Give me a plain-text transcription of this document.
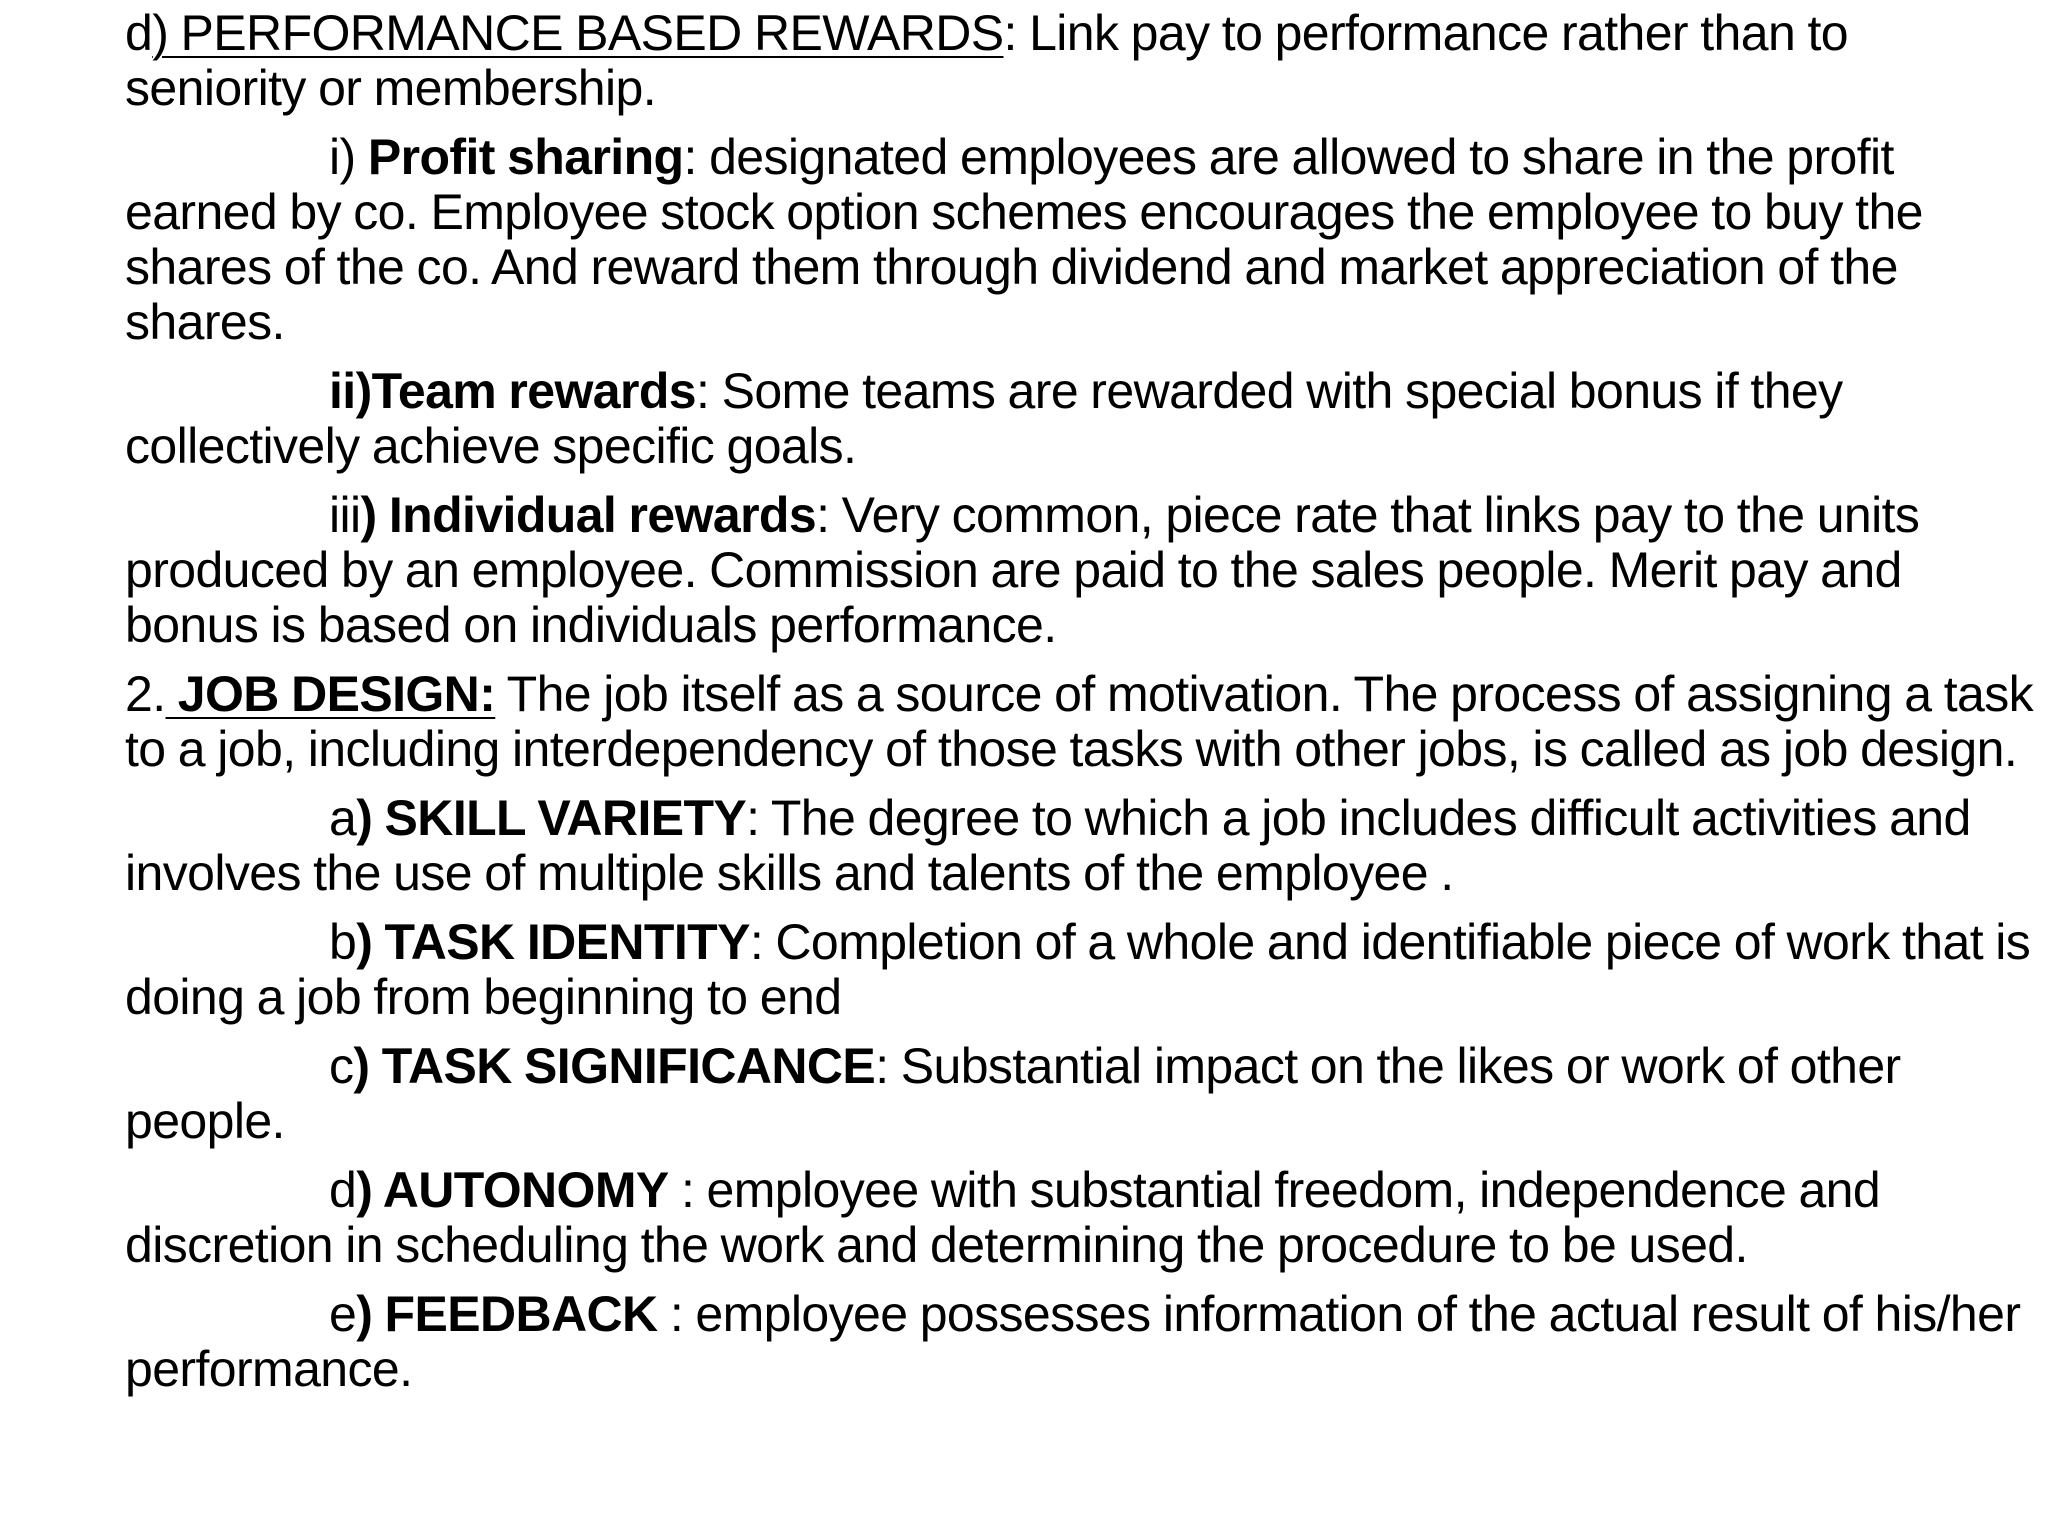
d) PERFORMANCE BASED REWARDS: Link pay to performance rather than to seniority or membership.

i) Profit sharing: designated employees are allowed to share in the profit earned by co. Employee stock option schemes encourages the employee to buy the shares of the co. And reward them through dividend and market appreciation of the shares.

ii)Team rewards: Some teams are rewarded with special bonus if they collectively achieve specific goals.

iii) Individual rewards: Very common, piece rate that links pay to the units produced by an employee. Commission are paid to the sales people. Merit pay and bonus is based on individuals performance.

2. JOB DESIGN: The job itself as a source of motivation. The process of assigning a task to a job, including interdependency of those tasks with other jobs, is called as job design.

a) SKILL VARIETY: The degree to which a job includes difficult activities and involves the use of multiple skills and talents of the employee .

b) TASK IDENTITY: Completion of a whole and identifiable piece of work that is doing a job from beginning to end

c) TASK SIGNIFICANCE: Substantial impact on the likes or work of other people.

d) AUTONOMY : employee with substantial freedom, independence and discretion in scheduling the work and determining the procedure to be used.

e) FEEDBACK : employee possesses information of the actual result of his/her performance.
